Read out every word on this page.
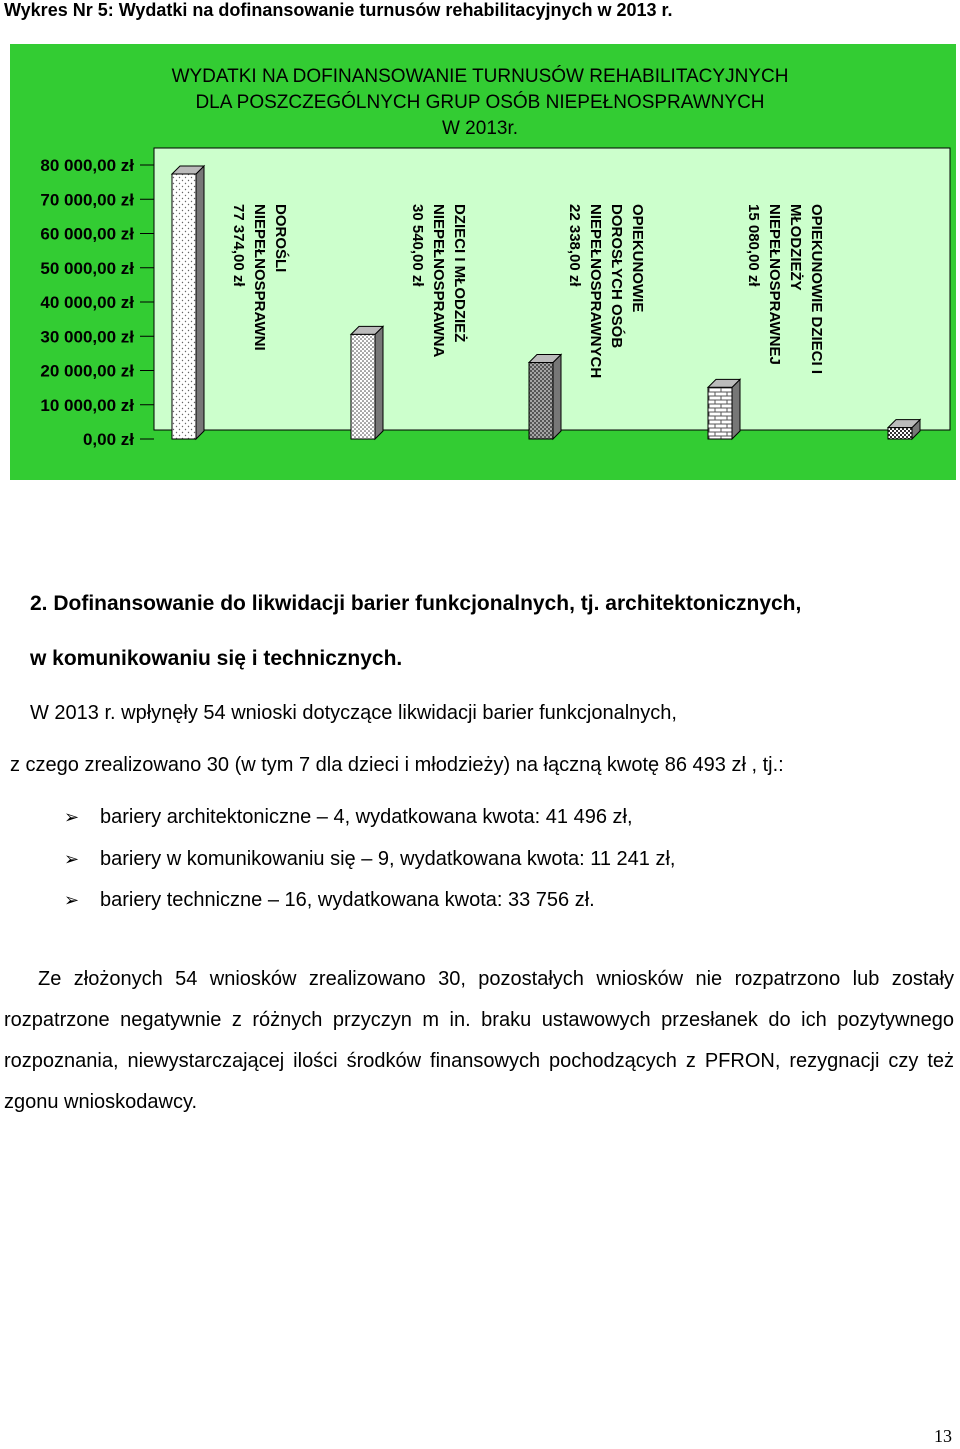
Wykres Nr 5: Wydatki na dofinansowanie turnusów rehabilitacyjnych w 2013 r.
WYDATKI NA DOFINANSOWANIE TURNUSÓW REHABILITACYJNYCH
DLA POSZCZEGÓLNYCH GRUP OSÓB NIEPEŁNOSPRAWNYCH
W 2013r.
80 000,00 zł
70 000,00 zł
60 000,00 zł
50 000,00 zł
40 000,00 zł
30 000,00 zł
20 000,00 zł
10 000,00 zł
0,00 zł
DOROŚLI
NIEPEŁNOSPRAWNI
77 374,00 zł	DZIECI I MŁODZIEŻ
NIEPEŁNOSPRAWNA
30 540,00 zł	OPIEKUNOWIE
DOROSŁYCH OSÓB
NIEPEŁNOSPRAWNYCH
22 338,00 zł	OPIEKUNOWIE DZIECI I
MŁODZIEŻY
NIEPEŁNOSPRAWNEJ
15 080,00 zł
2. Dofinansowanie do likwidacji barier funkcjonalnych, tj. architektonicznych,
w komunikowaniu się i technicznych.
W 2013 r. wpłynęły 54 wnioski dotyczące likwidacji barier funkcjonalnych,
z czego zrealizowano 30 (w tym 7 dla dzieci i młodzieży) na łączną kwotę 86 493 zł , tj.:
➢ bariery architektoniczne – 4, wydatkowana kwota: 41 496 zł,
➢ bariery w komunikowaniu się – 9, wydatkowana kwota: 11 241 zł,
➢ bariery techniczne – 16, wydatkowana kwota: 33 756 zł.
Ze złożonych 54 wniosków zrealizowano 30, pozostałych wniosków nie rozpatrzono lub zostały rozpatrzone negatywnie z różnych przyczyn m in. braku ustawowych przesłanek do ich pozytywnego rozpoznania, niewystarczającej ilości środków finansowych pochodzących z PFRON, rezygnacji czy też zgonu wnioskodawcy.
13
